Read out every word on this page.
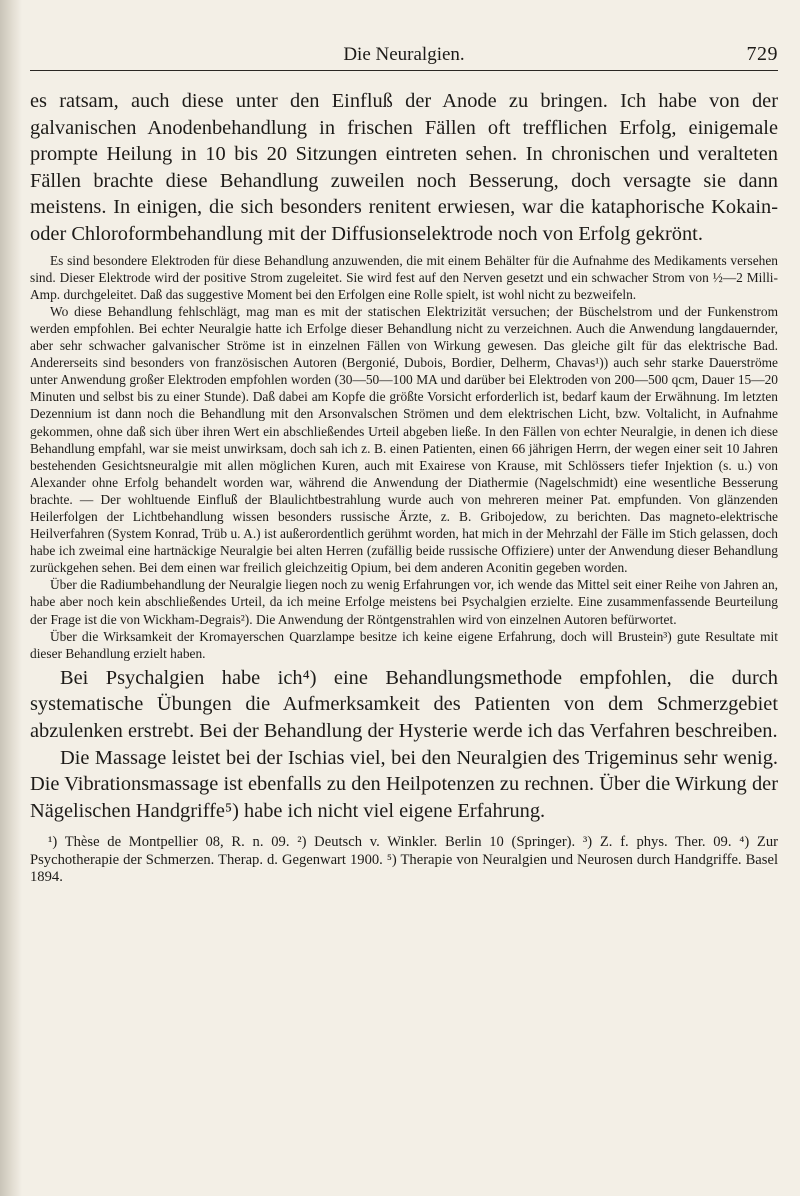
Die Neuralgien.	729

es ratsam, auch diese unter den Einfluß der Anode zu bringen. Ich habe von der galvanischen Anodenbehandlung in frischen Fällen oft trefflichen Erfolg, einigemale prompte Heilung in 10 bis 20 Sitzungen eintreten sehen. In chronischen und veralteten Fällen brachte diese Behandlung zuweilen noch Besserung, doch versagte sie dann meistens. In einigen, die sich besonders renitent erwiesen, war die kataphorische Kokain- oder Chloroformbehandlung mit der Diffusionselektrode noch von Erfolg gekrönt.

Es sind besondere Elektroden für diese Behandlung anzuwenden, die mit einem Behälter für die Aufnahme des Medikaments versehen sind. Dieser Elektrode wird der positive Strom zugeleitet. Sie wird fest auf den Nerven gesetzt und ein schwacher Strom von ½—2 Milli-Amp. durchgeleitet. Daß das suggestive Moment bei den Erfolgen eine Rolle spielt, ist wohl nicht zu bezweifeln.

Wo diese Behandlung fehlschlägt, mag man es mit der statischen Elektrizität versuchen; der Büschelstrom und der Funkenstrom werden empfohlen. Bei echter Neuralgie hatte ich Erfolge dieser Behandlung nicht zu verzeichnen. Auch die Anwendung langdauernder, aber sehr schwacher galvanischer Ströme ist in einzelnen Fällen von Wirkung gewesen. Das gleiche gilt für das elektrische Bad. Andererseits sind besonders von französischen Autoren (Bergonié, Dubois, Bordier, Delherm, Chavas¹)) auch sehr starke Dauerströme unter Anwendung großer Elektroden empfohlen worden (30—50—100 MA und darüber bei Elektroden von 200—500 qcm, Dauer 15—20 Minuten und selbst bis zu einer Stunde). Daß dabei am Kopfe die größte Vorsicht erforderlich ist, bedarf kaum der Erwähnung. Im letzten Dezennium ist dann noch die Behandlung mit den Arsonvalschen Strömen und dem elektrischen Licht, bzw. Voltalicht, in Aufnahme gekommen, ohne daß sich über ihren Wert ein abschließendes Urteil abgeben ließe. In den Fällen von echter Neuralgie, in denen ich diese Behandlung empfahl, war sie meist unwirksam, doch sah ich z. B. einen Patienten, einen 66 jährigen Herrn, der wegen einer seit 10 Jahren bestehenden Gesichtsneuralgie mit allen möglichen Kuren, auch mit Exairese von Krause, mit Schlössers tiefer Injektion (s. u.) von Alexander ohne Erfolg behandelt worden war, während die Anwendung der Diathermie (Nagelschmidt) eine wesentliche Besserung brachte. — Der wohltuende Einfluß der Blaulichtbestrahlung wurde auch von mehreren meiner Pat. empfunden. Von glänzenden Heilerfolgen der Lichtbehandlung wissen besonders russische Ärzte, z. B. Gribojedow, zu berichten. Das magneto-elektrische Heilverfahren (System Konrad, Trüb u. A.) ist außerordentlich gerühmt worden, hat mich in der Mehrzahl der Fälle im Stich gelassen, doch habe ich zweimal eine hartnäckige Neuralgie bei alten Herren (zufällig beide russische Offiziere) unter der Anwendung dieser Behandlung zurückgehen sehen. Bei dem einen war freilich gleichzeitig Opium, bei dem anderen Aconitin gegeben worden.

Über die Radiumbehandlung der Neuralgie liegen noch zu wenig Erfahrungen vor, ich wende das Mittel seit einer Reihe von Jahren an, habe aber noch kein abschließendes Urteil, da ich meine Erfolge meistens bei Psychalgien erzielte. Eine zusammenfassende Beurteilung der Frage ist die von Wickham-Degrais²). Die Anwendung der Röntgenstrahlen wird von einzelnen Autoren befürwortet.

Über die Wirksamkeit der Kromayerschen Quarzlampe besitze ich keine eigene Erfahrung, doch will Brustein³) gute Resultate mit dieser Behandlung erzielt haben.

Bei Psychalgien habe ich⁴) eine Behandlungsmethode empfohlen, die durch systematische Übungen die Aufmerksamkeit des Patienten von dem Schmerzgebiet abzulenken erstrebt. Bei der Behandlung der Hysterie werde ich das Verfahren beschreiben.

Die Massage leistet bei der Ischias viel, bei den Neuralgien des Trigeminus sehr wenig. Die Vibrationsmassage ist ebenfalls zu den Heilpotenzen zu rechnen. Über die Wirkung der Nägelischen Handgriffe⁵) habe ich nicht viel eigene Erfahrung.

¹) Thèse de Montpellier 08, R. n. 09. ²) Deutsch v. Winkler. Berlin 10 (Springer). ³) Z. f. phys. Ther. 09. ⁴) Zur Psychotherapie der Schmerzen. Therap. d. Gegenwart 1900. ⁵) Therapie von Neuralgien und Neurosen durch Handgriffe. Basel 1894.
